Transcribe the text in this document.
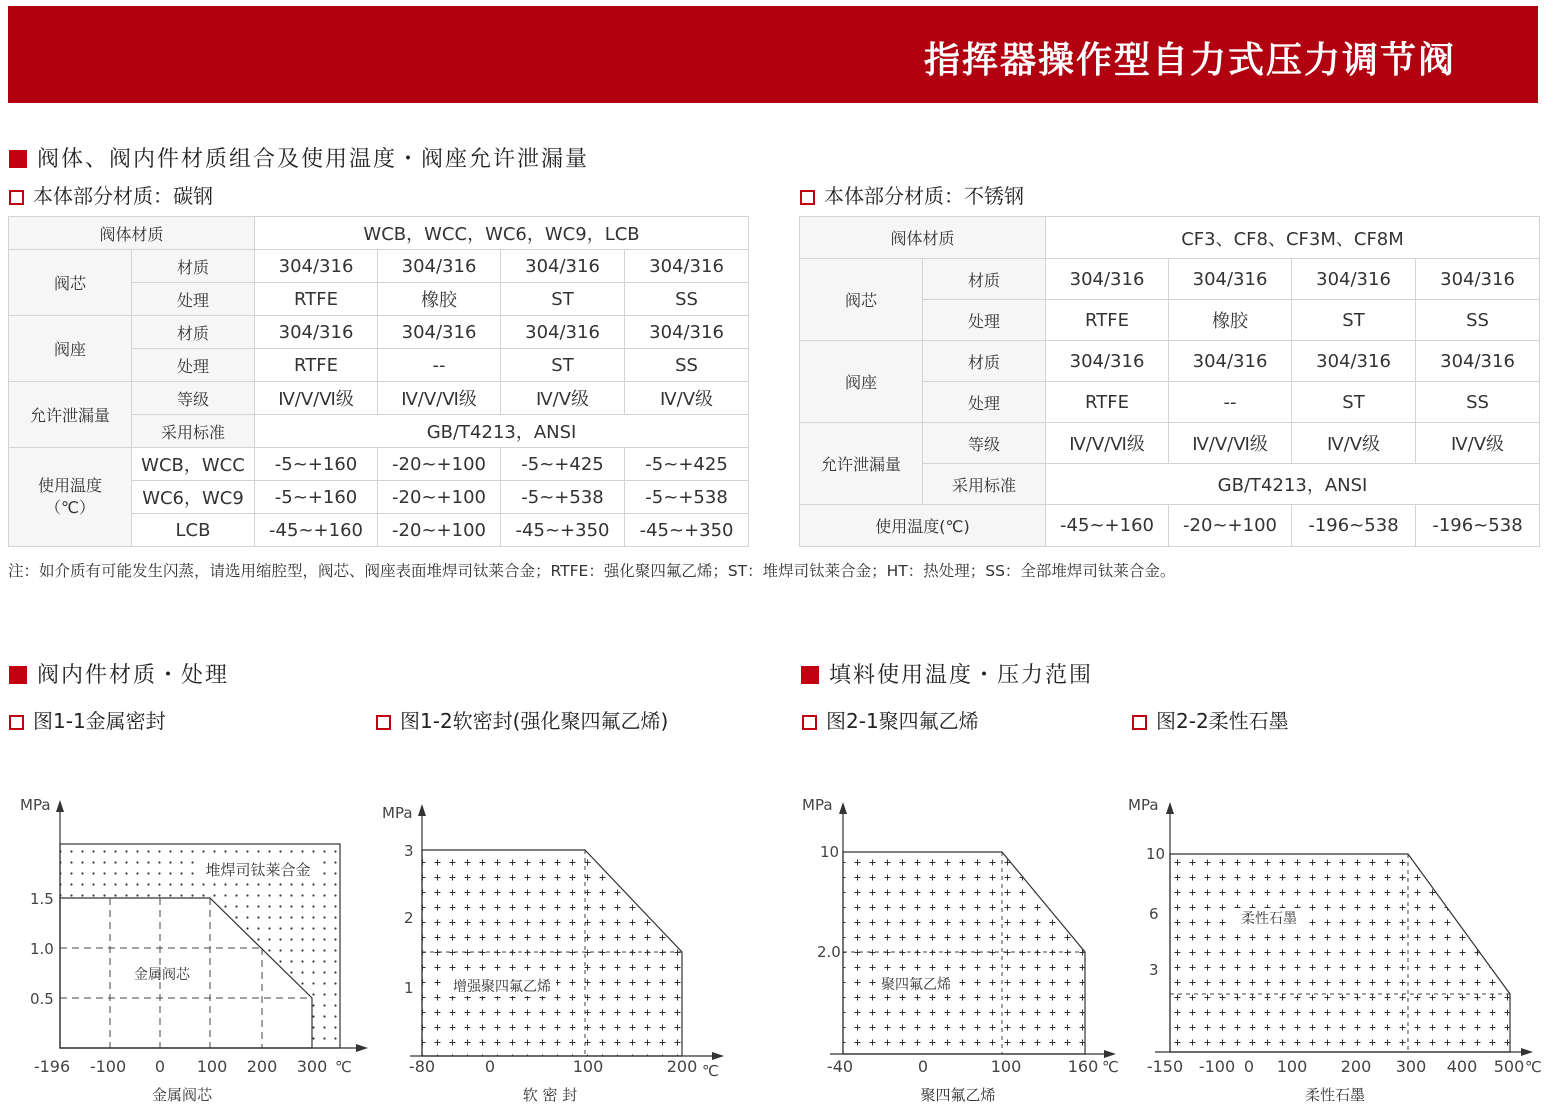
指挥器操作型自力式压力调节阀
阀体、阀内件材质组合及使用温度・阀座允许泄漏量
本体部分材质：碳钢	本体部分材质：不锈钢
阀体材质		WCB，WCC，WC6，WC9，LCB			
阀芯	材质	304/316	304/316	304/316	304/316
	处理	RTFE	橡胶	ST	SS
阀座	材质	304/316	304/316	304/316	304/316
	处理	RTFE	--	ST	SS
允许泄漏量	等级	Ⅳ/Ⅴ/Ⅵ级	Ⅳ/Ⅴ/Ⅵ级	Ⅳ/Ⅴ级	Ⅳ/Ⅴ级
	采用标准	GB/T4213，ANSI			
使用温度（℃）	WCB，WCC	-5~+160	-20~+100	-5~+425	-5~+425
	WC6，WC9	-5~+160	-20~+100	-5~+538	-5~+538
	LCB	-45~+160	-20~+100	-45~+350	-45~+350
阀体材质		CF3、CF8、CF3M、CF8M			
阀芯	材质	304/316	304/316	304/316	304/316
	处理	RTFE	橡胶	ST	SS
阀座	材质	304/316	304/316	304/316	304/316
	处理	RTFE	--	ST	SS
允许泄漏量	等级	Ⅳ/Ⅴ/Ⅵ级	Ⅳ/Ⅴ/Ⅵ级	Ⅳ/Ⅴ级	Ⅳ/Ⅴ级
	采用标准	GB/T4213，ANSI			
使用温度(℃)		-45~+160	-20~+100	-196~538	-196~538
注：如介质有可能发生闪蒸，请选用缩腔型，阀芯、阀座表面堆焊司钛莱合金；RTFE：强化聚四氟乙烯；ST：堆焊司钛莱合金；HT：热处理；SS：全部堆焊司钛莱合金。
阀内件材质・处理	填料使用温度・压力范围
图1-1金属密封	图1-2软密封(强化聚四氟乙烯)	图2-1聚四氟乙烯	图2-2柔性石墨
MPa
1.5
1.0
0.5
-196 -100 0 100 200 300 ℃
堆焊司钛莱合金
金属阀芯
金属阀芯
MPa
3
2
1
-80	0	100	200 ℃
增强聚四氟乙烯
软 密 封
MPa
10
2.0
-40	0	100	160 ℃
聚四氟乙烯
聚四氟乙烯
MPa
10
6
3
-150 -100 0 100 200 300 400 500 ℃
柔性石墨
柔性石墨
